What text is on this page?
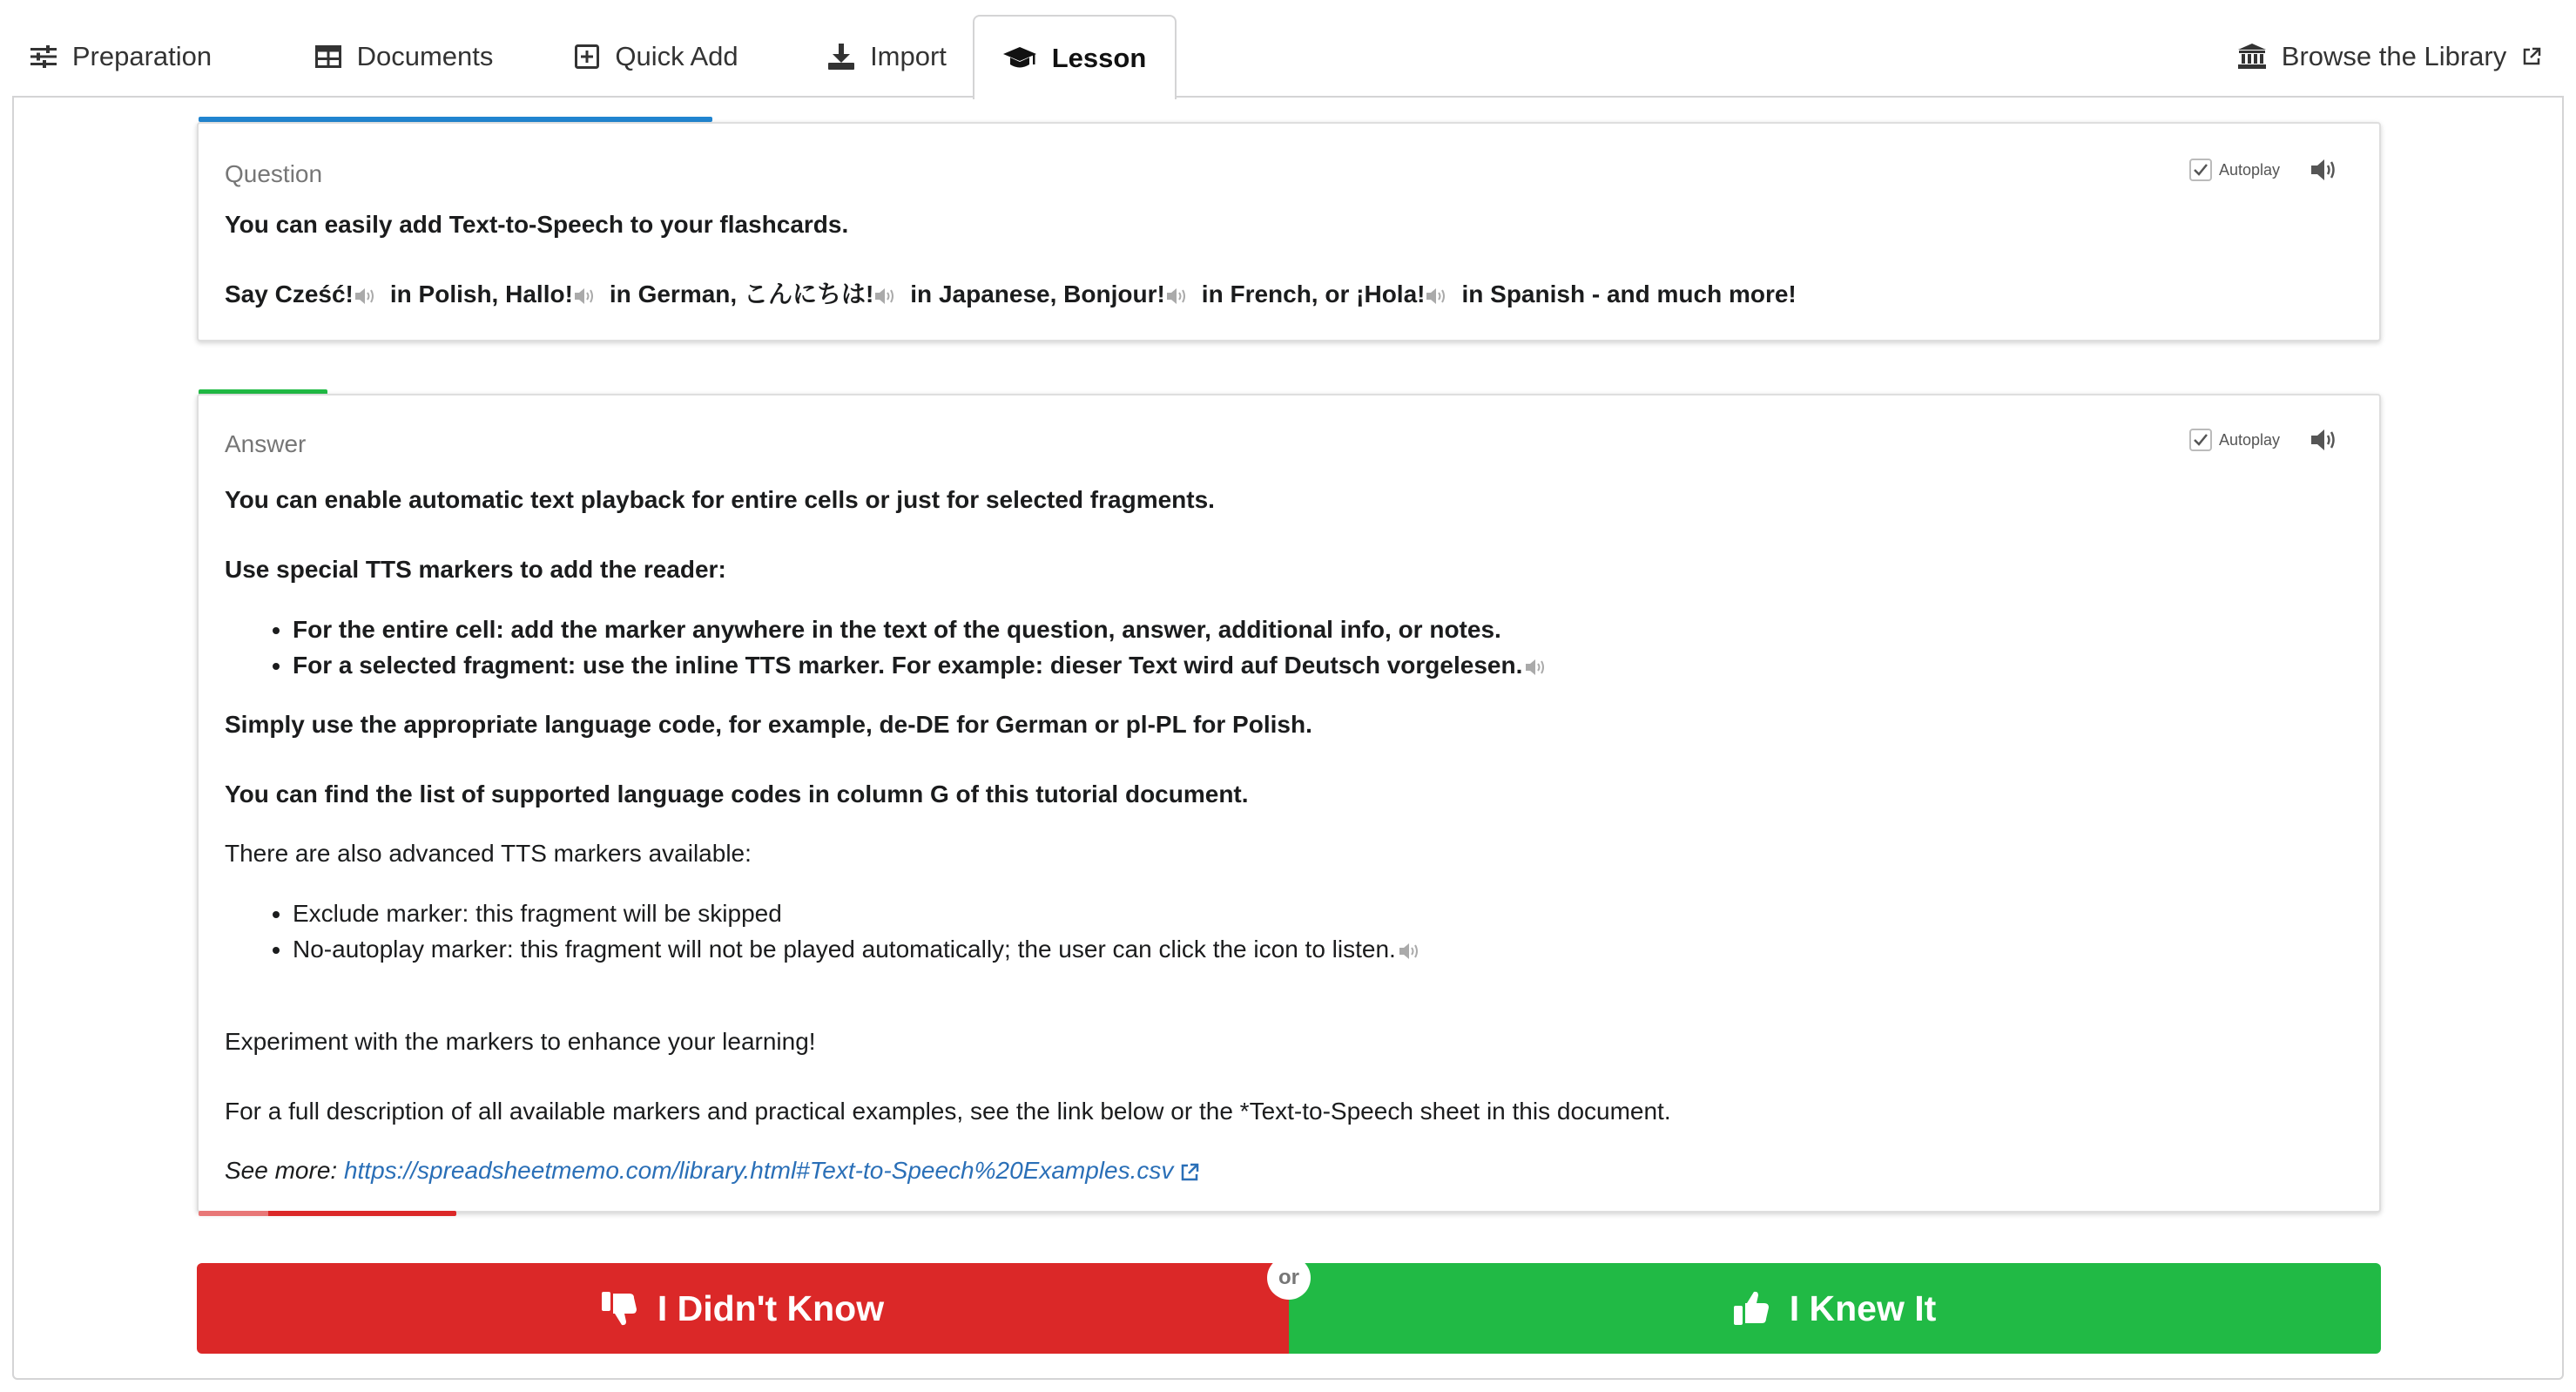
Preparation	Documents	Quick Add	Import	Lesson	Browse the Library
Question	Autoplay

You can easily add Text-to-Speech to your flashcards.

Say Cześć! in Polish, Hallo! in German, こんにちは! in Japanese, Bonjour! in French, or ¡Hola! in Spanish - and much more!

Answer	Autoplay

You can enable automatic text playback for entire cells or just for selected fragments.

Use special TTS markers to add the reader:

• For the entire cell: add the marker anywhere in the text of the question, answer, additional info, or notes.
• For a selected fragment: use the inline TTS marker. For example: dieser Text wird auf Deutsch vorgelesen.

Simply use the appropriate language code, for example, de-DE for German or pl-PL for Polish.

You can find the list of supported language codes in column G of this tutorial document.

There are also advanced TTS markers available:

• Exclude marker: this fragment will be skipped
• No-autoplay marker: this fragment will not be played automatically; the user can click the icon to listen.

Experiment with the markers to enhance your learning!

For a full description of all available markers and practical examples, see the link below or the *Text-to-Speech sheet in this document.

See more: https://spreadsheetmemo.com/library.html#Text-to-Speech%20Examples.csv

I Didn't Know	I Knew It
or
